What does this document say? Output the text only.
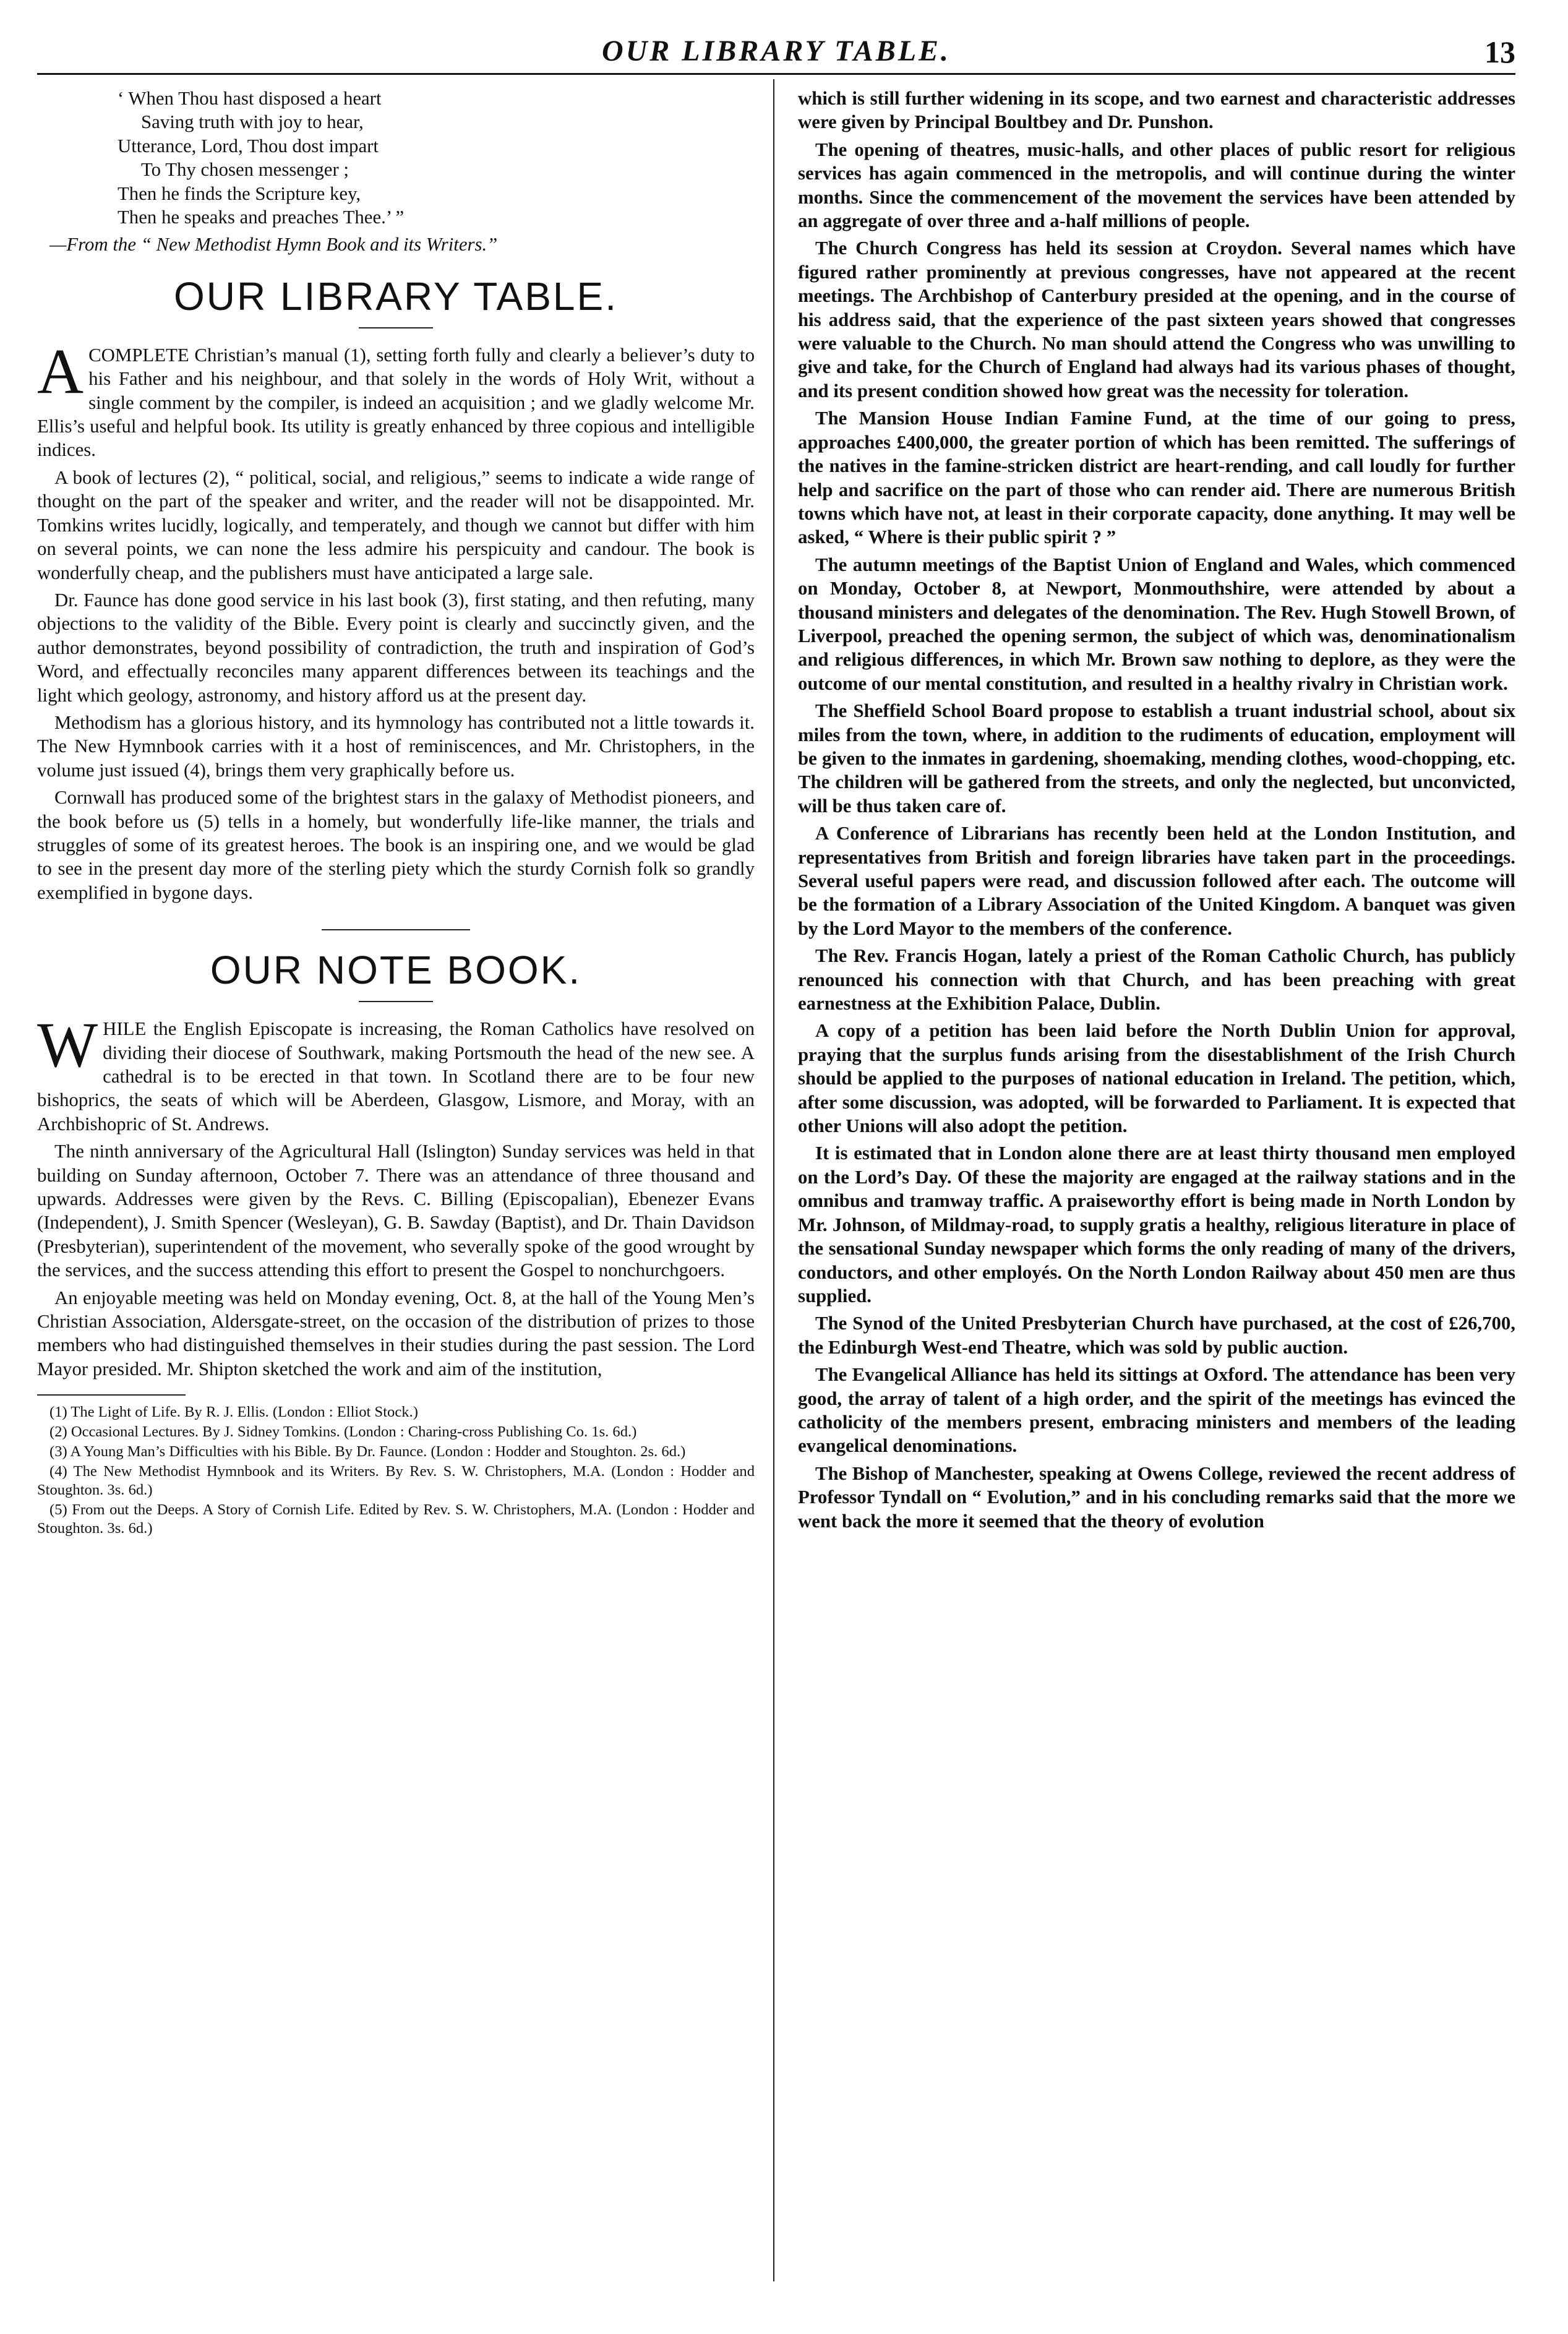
OUR LIBRARY TABLE.	13
‘ When Thou hast disposed a heart
Saving truth with joy to hear,
Utterance, Lord, Thou dost impart
To Thy chosen messenger ;
Then he finds the Scripture key,
Then he speaks and preaches Thee.’ ”
—From the “ New Methodist Hymn Book and its Writers.”
OUR LIBRARY TABLE.

ACOMPLETE Christian’s manual (1), setting forth fully and clearly a believer’s duty to his Father and his neighbour, and that solely in the words of Holy Writ, without a single comment by the compiler, is indeed an acquisition ; and we gladly welcome Mr. Ellis’s useful and helpful book. Its utility is greatly enhanced by three copious and intelligible indices.

A book of lectures (2), “ political, social, and religious,” seems to indicate a wide range of thought on the part of the speaker and writer, and the reader will not be disappointed. Mr. Tomkins writes lucidly, logically, and temperately, and though we cannot but differ with him on several points, we can none the less admire his perspicuity and candour. The book is wonderfully cheap, and the publishers must have anticipated a large sale.

Dr. Faunce has done good service in his last book (3), first stating, and then refuting, many objections to the validity of the Bible. Every point is clearly and succinctly given, and the author demonstrates, beyond possibility of contradiction, the truth and inspiration of God’s Word, and effectually reconciles many apparent differences between its teachings and the light which geology, astronomy, and history afford us at the present day.

Methodism has a glorious history, and its hymnology has contributed not a little towards it. The New Hymnbook carries with it a host of reminiscences, and Mr. Christophers, in the volume just issued (4), brings them very graphically before us.

Cornwall has produced some of the brightest stars in the galaxy of Methodist pioneers, and the book before us (5) tells in a homely, but wonderfully life-like manner, the trials and struggles of some of its greatest heroes. The book is an inspiring one, and we would be glad to see in the present day more of the sterling piety which the sturdy Cornish folk so grandly exemplified in bygone days.

OUR NOTE BOOK.

WHILE the English Episcopate is increasing, the Roman Catholics have resolved on dividing their diocese of Southwark, making Portsmouth the head of the new see. A cathedral is to be erected in that town. In Scotland there are to be four new bishoprics, the seats of which will be Aberdeen, Glasgow, Lismore, and Moray, with an Archbishopric of St. Andrews.

The ninth anniversary of the Agricultural Hall (Islington) Sunday services was held in that building on Sunday afternoon, October 7. There was an attendance of three thousand and upwards. Addresses were given by the Revs. C. Billing (Episcopalian), Ebenezer Evans (Independent), J. Smith Spencer (Wesleyan), G. B. Sawday (Baptist), and Dr. Thain Davidson (Presbyterian), superintendent of the movement, who severally spoke of the good wrought by the services, and the success attending this effort to present the Gospel to nonchurchgoers.

An enjoyable meeting was held on Monday evening, Oct. 8, at the hall of the Young Men’s Christian Association, Aldersgate-street, on the occasion of the distribution of prizes to those members who had distinguished themselves in their studies during the past session. The Lord Mayor presided. Mr. Shipton sketched the work and aim of the institution,

(1) The Light of Life. By R. J. Ellis. (London : Elliot Stock.)

(2) Occasional Lectures. By J. Sidney Tomkins. (London : Charing-cross Publishing Co. 1s. 6d.)

(3) A Young Man’s Difficulties with his Bible. By Dr. Faunce. (London : Hodder and Stoughton. 2s. 6d.)

(4) The New Methodist Hymnbook and its Writers. By Rev. S. W. Christophers, M.A. (London : Hodder and Stoughton. 3s. 6d.)

(5) From out the Deeps. A Story of Cornish Life. Edited by Rev. S. W. Christophers, M.A. (London : Hodder and Stoughton. 3s. 6d.)

which is still further widening in its scope, and two earnest and characteristic addresses were given by Principal Boultbey and Dr. Punshon.

The opening of theatres, music-halls, and other places of public resort for religious services has again commenced in the metropolis, and will continue during the winter months. Since the commencement of the movement the services have been attended by an aggregate of over three and a-half millions of people.

The Church Congress has held its session at Croydon. Several names which have figured rather prominently at previous congresses, have not appeared at the recent meetings. The Archbishop of Canterbury presided at the opening, and in the course of his address said, that the experience of the past sixteen years showed that congresses were valuable to the Church. No man should attend the Congress who was unwilling to give and take, for the Church of England had always had its various phases of thought, and its present condition showed how great was the necessity for toleration.

The Mansion House Indian Famine Fund, at the time of our going to press, approaches £400,000, the greater portion of which has been remitted. The sufferings of the natives in the famine-stricken district are heart-rending, and call loudly for further help and sacrifice on the part of those who can render aid. There are numerous British towns which have not, at least in their corporate capacity, done anything. It may well be asked, “ Where is their public spirit ? ”

The autumn meetings of the Baptist Union of England and Wales, which commenced on Monday, October 8, at Newport, Monmouthshire, were attended by about a thousand ministers and delegates of the denomination. The Rev. Hugh Stowell Brown, of Liverpool, preached the opening sermon, the subject of which was, denominationalism and religious differences, in which Mr. Brown saw nothing to deplore, as they were the outcome of our mental constitution, and resulted in a healthy rivalry in Christian work.

The Sheffield School Board propose to establish a truant industrial school, about six miles from the town, where, in addition to the rudiments of education, employment will be given to the inmates in gardening, shoemaking, mending clothes, wood-chopping, etc. The children will be gathered from the streets, and only the neglected, but unconvicted, will be thus taken care of.

A Conference of Librarians has recently been held at the London Institution, and representatives from British and foreign libraries have taken part in the proceedings. Several useful papers were read, and discussion followed after each. The outcome will be the formation of a Library Association of the United Kingdom. A banquet was given by the Lord Mayor to the members of the conference.

The Rev. Francis Hogan, lately a priest of the Roman Catholic Church, has publicly renounced his connection with that Church, and has been preaching with great earnestness at the Exhibition Palace, Dublin.

A copy of a petition has been laid before the North Dublin Union for approval, praying that the surplus funds arising from the disestablishment of the Irish Church should be applied to the purposes of national education in Ireland. The petition, which, after some discussion, was adopted, will be forwarded to Parliament. It is expected that other Unions will also adopt the petition.

It is estimated that in London alone there are at least thirty thousand men employed on the Lord’s Day. Of these the majority are engaged at the railway stations and in the omnibus and tramway traffic. A praiseworthy effort is being made in North London by Mr. Johnson, of Mildmay-road, to supply gratis a healthy, religious literature in place of the sensational Sunday newspaper which forms the only reading of many of the drivers, conductors, and other employés. On the North London Railway about 450 men are thus supplied.

The Synod of the United Presbyterian Church have purchased, at the cost of £26,700, the Edinburgh West-end Theatre, which was sold by public auction.

The Evangelical Alliance has held its sittings at Oxford. The attendance has been very good, the array of talent of a high order, and the spirit of the meetings has evinced the catholicity of the members present, embracing ministers and members of the leading evangelical denominations.

The Bishop of Manchester, speaking at Owens College, reviewed the recent address of Professor Tyndall on “ Evolution,” and in his concluding remarks said that the more we went back the more it seemed that the theory of evolution
